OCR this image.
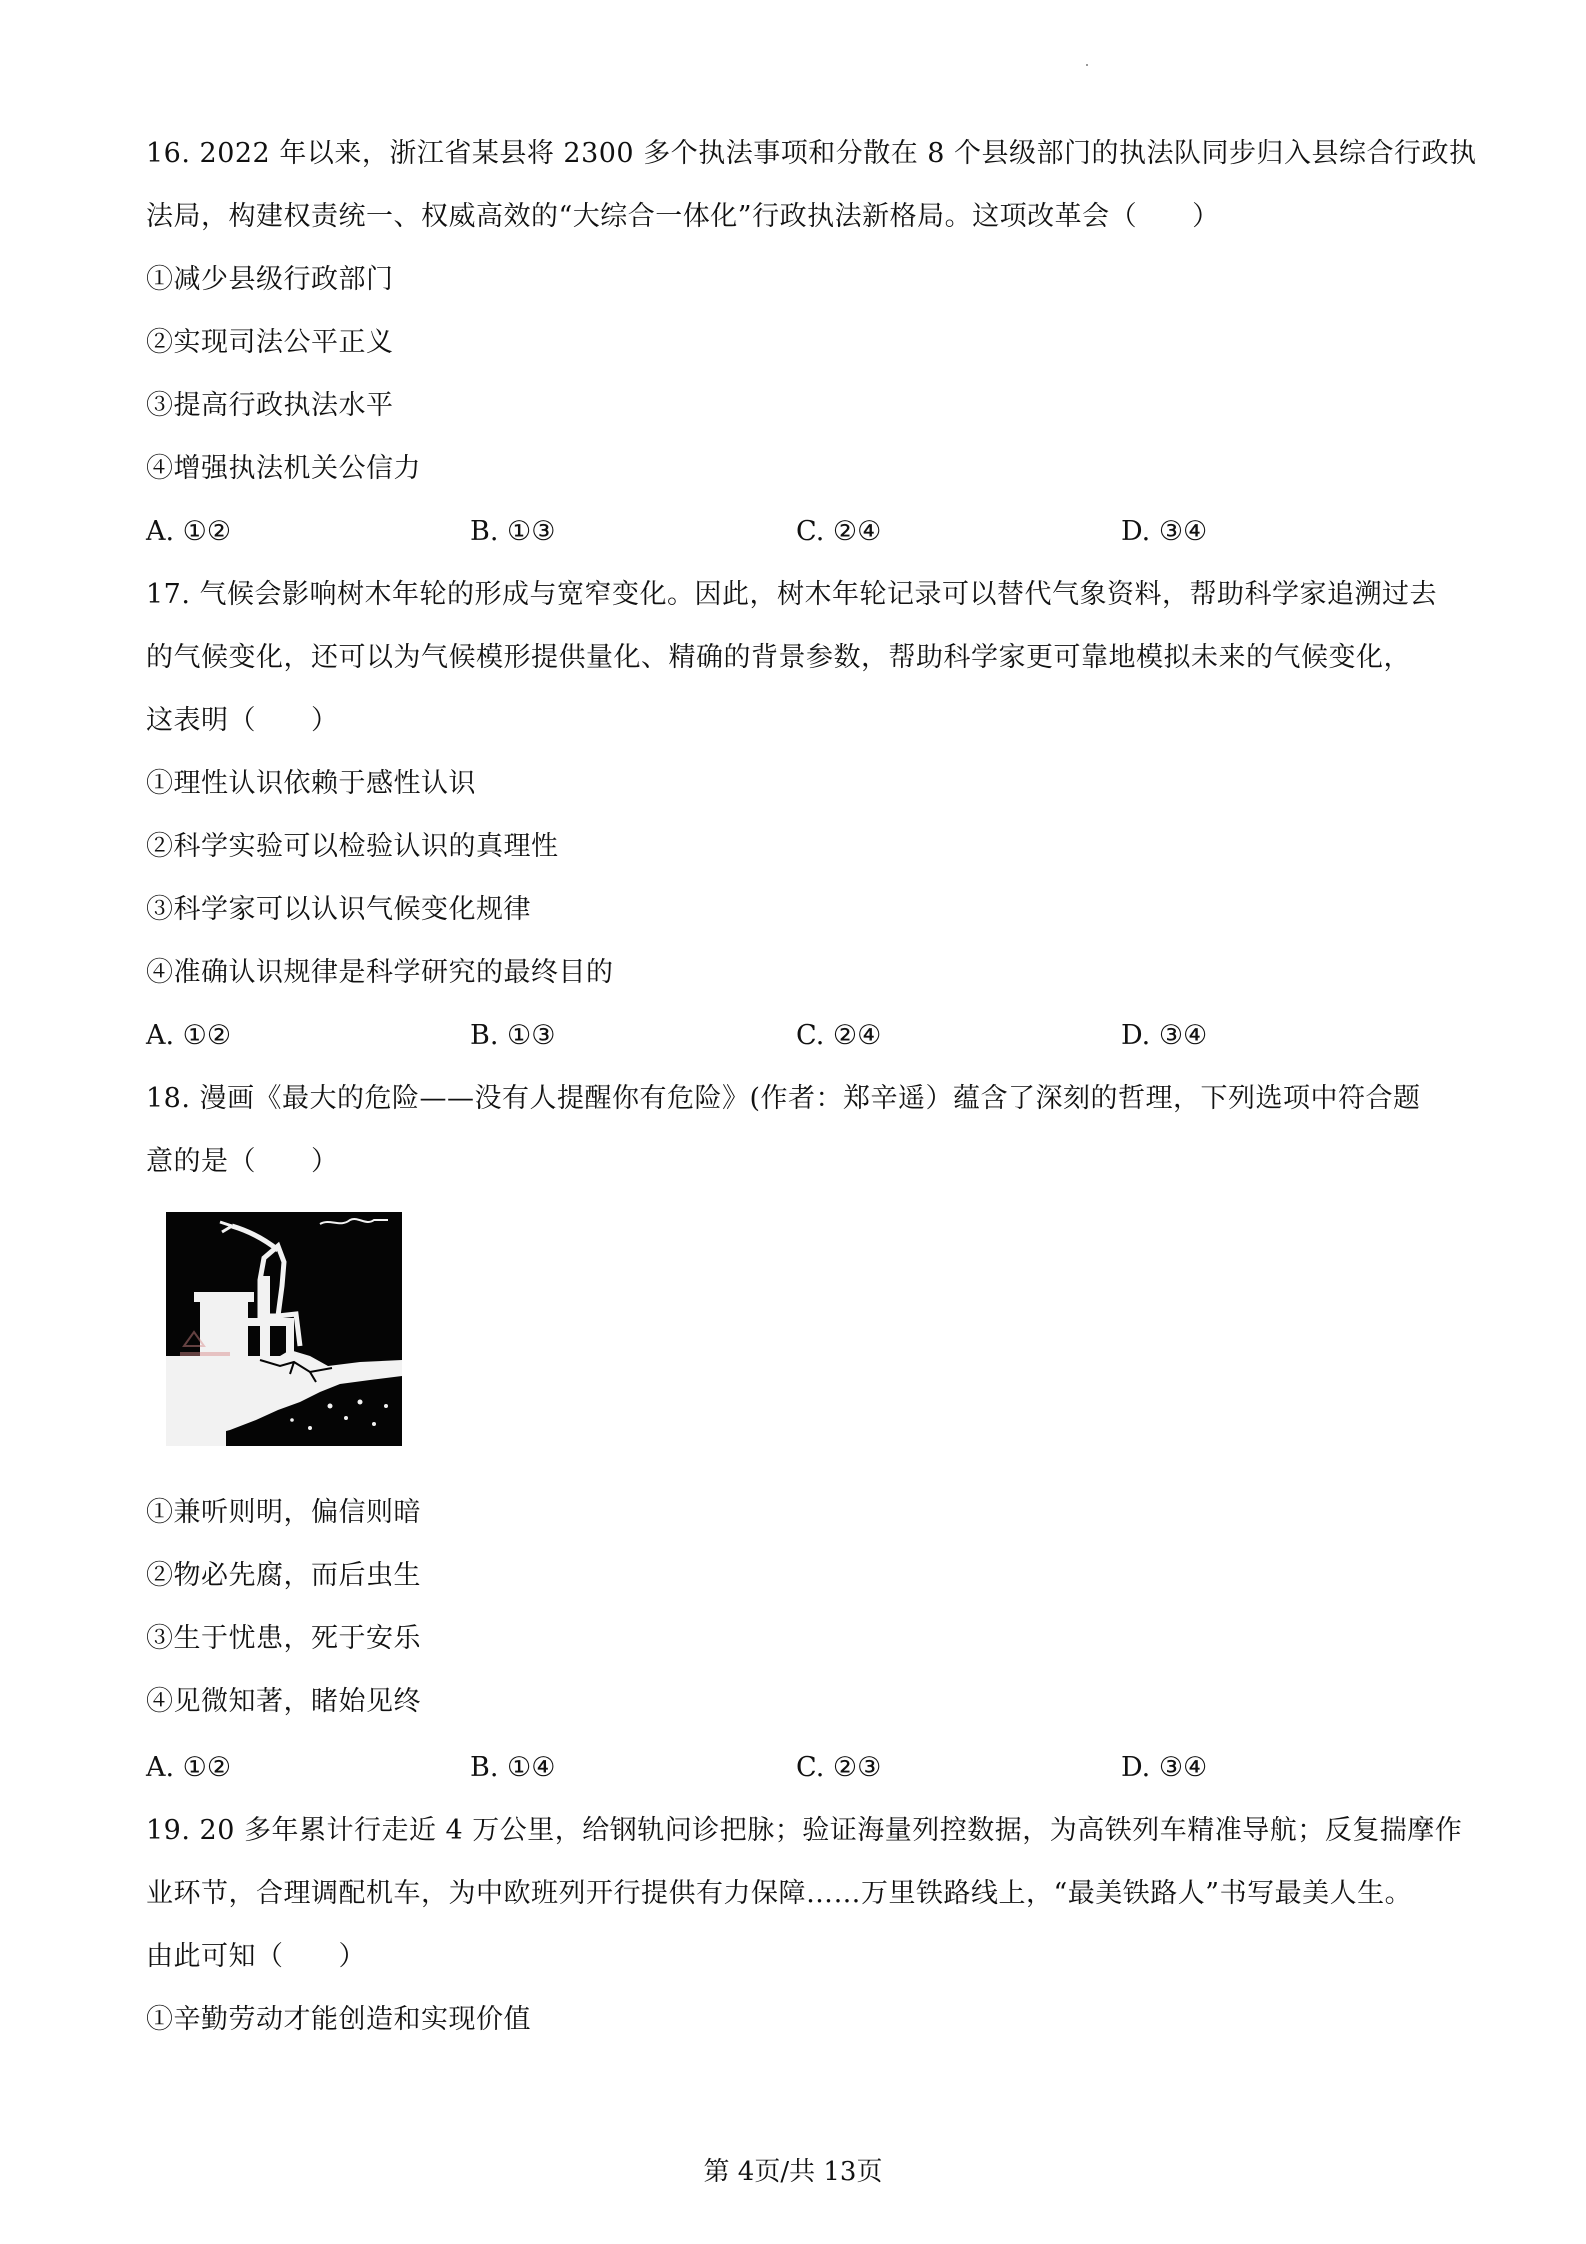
16. 2022 年以来，浙江省某县将 2300 多个执法事项和分散在 8 个县级部门的执法队同步归入县综合行政执
法局，构建权责统一、权威高效的“大综合一体化”行政执法新格局。这项改革会（　　）
①减少县级行政部门
②实现司法公平正义
③提高行政执法水平
④增强执法机关公信力
A. ①②	B. ①③	C. ②④	D. ③④
17. 气候会影响树木年轮的形成与宽窄变化。因此，树木年轮记录可以替代气象资料，帮助科学家追溯过去
的气候变化，还可以为气候模形提供量化、精确的背景参数，帮助科学家更可靠地模拟未来的气候变化，
这表明（　　）
①理性认识依赖于感性认识
②科学实验可以检验认识的真理性
③科学家可以认识气候变化规律
④准确认识规律是科学研究的最终目的
A. ①②	B. ①③	C. ②④	D. ③④
18. 漫画《最大的危险——没有人提醒你有危险》(作者：郑辛遥）蕴含了深刻的哲理，下列选项中符合题
意的是（　　）
①兼听则明，偏信则暗
②物必先腐，而后虫生
③生于忧患，死于安乐
④见微知著，睹始见终
A. ①②	B. ①④	C. ②③	D. ③④
19. 20 多年累计行走近 4 万公里，给钢轨问诊把脉；验证海量列控数据，为高铁列车精准导航；反复揣摩作
业环节，合理调配机车，为中欧班列开行提供有力保障……万里铁路线上，“最美铁路人”书写最美人生。
由此可知（　　）
①辛勤劳动才能创造和实现价值
第 4页/共 13页
